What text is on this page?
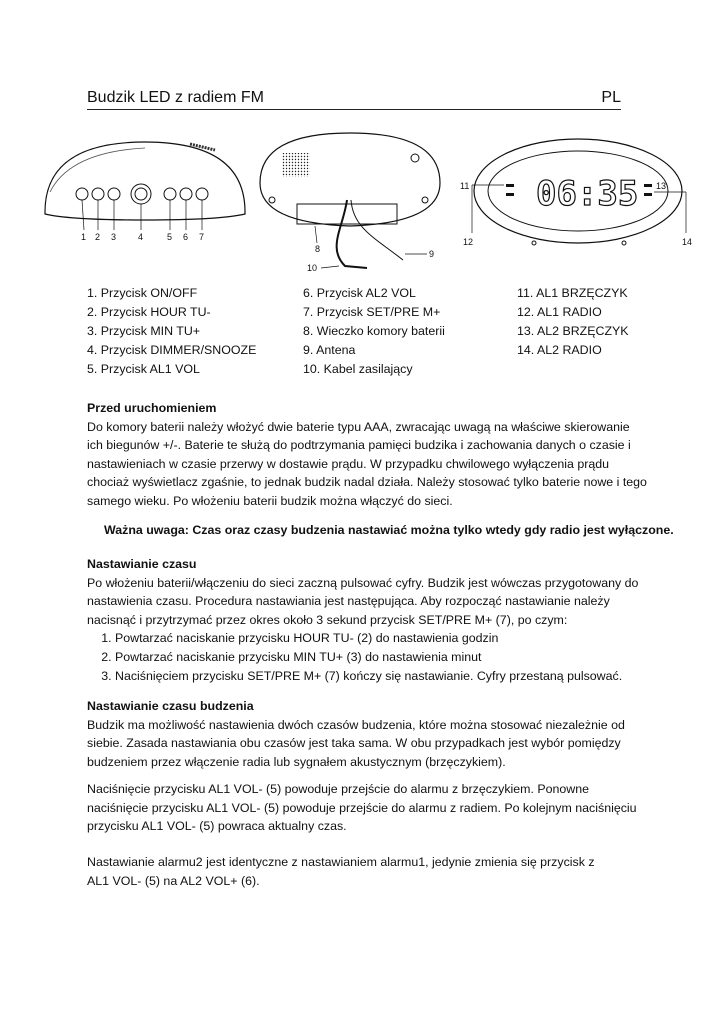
Budzik LED z radiem FM	PL
1 2 3 4	5 6 7
8	9
10
06:35
11
12
13
14
1. Przycisk ON/OFF
2. Przycisk HOUR TU-
3. Przycisk MIN TU+
4. Przycisk DIMMER/SNOOZE
5. Przycisk AL1 VOL
6. Przycisk AL2 VOL
7. Przycisk SET/PRE M+
8. Wieczko komory baterii
9. Antena
10. Kabel zasilający
11. AL1 BRZĘCZYK
12. AL1 RADIO
13. AL2 BRZĘCZYK
14. AL2 RADIO
Przed uruchomieniem
Do komory baterii należy włożyć dwie baterie typu AAA, zwracając uwagą na właściwe skierowanie ich biegunów +/-. Baterie te służą do podtrzymania pamięci budzika i zachowania danych o czasie i nastawieniach w czasie przerwy w dostawie prądu. W przypadku chwilowego wyłączenia prądu chociaż wyświetlacz zgaśnie, to jednak budzik nadal działa. Należy stosować tylko baterie nowe i tego samego wieku. Po włożeniu baterii budzik można włączyć do sieci.
Ważna uwaga: Czas oraz czasy budzenia nastawiać można tylko wtedy gdy radio jest wyłączone.
Nastawianie czasu
Po włożeniu baterii/włączeniu do sieci zaczną pulsować cyfry. Budzik jest wówczas przygotowany do nastawienia czasu. Procedura nastawiania jest następująca. Aby rozpocząć nastawianie należy nacisnąć i przytrzymać przez okres około 3 sekund przycisk SET/PRE M+ (7), po czym:
1. Powtarzać naciskanie przycisku HOUR TU- (2) do nastawienia godzin
2. Powtarzać naciskanie przycisku MIN TU+ (3) do nastawienia minut
3. Naciśnięciem przycisku SET/PRE M+ (7) kończy się nastawianie. Cyfry przestaną pulsować.
Nastawianie czasu budzenia
Budzik ma możliwość nastawienia dwóch czasów budzenia, które można stosować niezależnie od siebie. Zasada nastawiania obu czasów jest taka sama. W obu przypadkach jest wybór pomiędzy budzeniem przez włączenie radia lub sygnałem akustycznym (brzęczykiem).
Naciśnięcie przycisku AL1 VOL- (5) powoduje przejście do alarmu z brzęczykiem. Ponowne naciśnięcie przycisku AL1 VOL- (5) powoduje przejście do alarmu z radiem. Po kolejnym naciśnięciu przycisku AL1 VOL- (5) powraca aktualny czas.
Nastawianie alarmu2 jest identyczne z nastawianiem alarmu1, jedynie zmienia się przycisk z
AL1 VOL- (5) na AL2 VOL+ (6).
